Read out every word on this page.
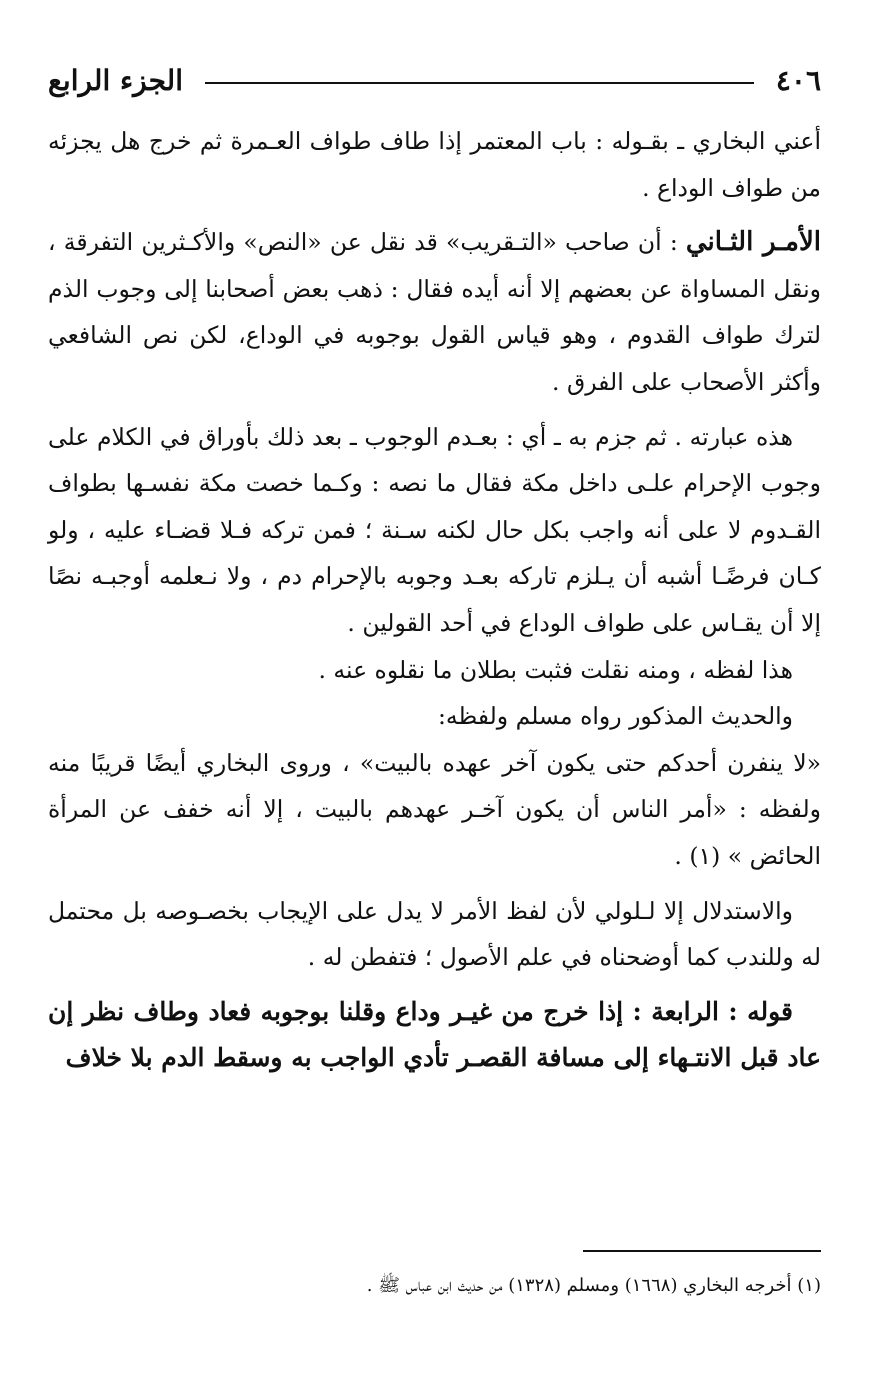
٤٠٦
الجزء الرابع

أعني البخاري ـ بقـوله : باب المعتمر إذا طاف طواف العـمرة ثم خرج هل يجزئه من طواف الوداع .

الأمـر الثـاني : أن صاحب «التـقريب» قد نقل عن «النص» والأكـثرين التفرقة ، ونقل المساواة عن بعضهم إلا أنه أيده فقال : ذهب بعض أصحابنا إلى وجوب الذم لترك طواف القدوم ، وهو قياس القول بوجوبه في الوداع، لكن نص الشافعي وأكثر الأصحاب على الفرق .

هذه عبارته . ثم جزم به ـ أي : بعـدم الوجوب ـ بعد ذلك بأوراق في الكلام على وجوب الإحرام علـى داخل مكة فقال ما نصه : وكـما خصت مكة نفسـها بطواف القـدوم لا على أنه واجب بكل حال لكنه سـنة ؛ فمن تركه فـلا قضـاء عليه ، ولو كـان فرضًـا أشبه أن يـلزم تاركه بعـد وجوبه بالإحرام دم ، ولا نـعلمه أوجبـه نصًا إلا أن يقـاس على طواف الوداع في أحد القولين .

هذا لفظه ، ومنه نقلت فثبت بطلان ما نقلوه عنه .

والحديث المذكور رواه مسلم ولفظه:

«لا ينفرن أحدكم حتى يكون آخر عهده بالبيت» ، وروى البخاري أيضًا قريبًا منه ولفظه : «أمر الناس أن يكون آخـر عهدهم بالبيت ، إلا أنه خفف عن المرأة الحائض » (١) .

والاستدلال إلا لـلولي لأن لفظ الأمر لا يدل على الإيجاب بخصـوصه بل محتمل له وللندب كما أوضحناه في علم الأصول ؛ فتفطن له .

قوله : الرابعة : إذا خرج من غيـر وداع وقلنا بوجوبه فعاد وطاف نظر إن عاد قبل الانتـهاء إلى مسافة القصـر تأدي الواجب به وسقط الدم بلا خلاف

(١) أخرجه البخاري (١٦٦٨) ومسلم (١٣٢٨) من حديث ابن عباس ﷺ .
